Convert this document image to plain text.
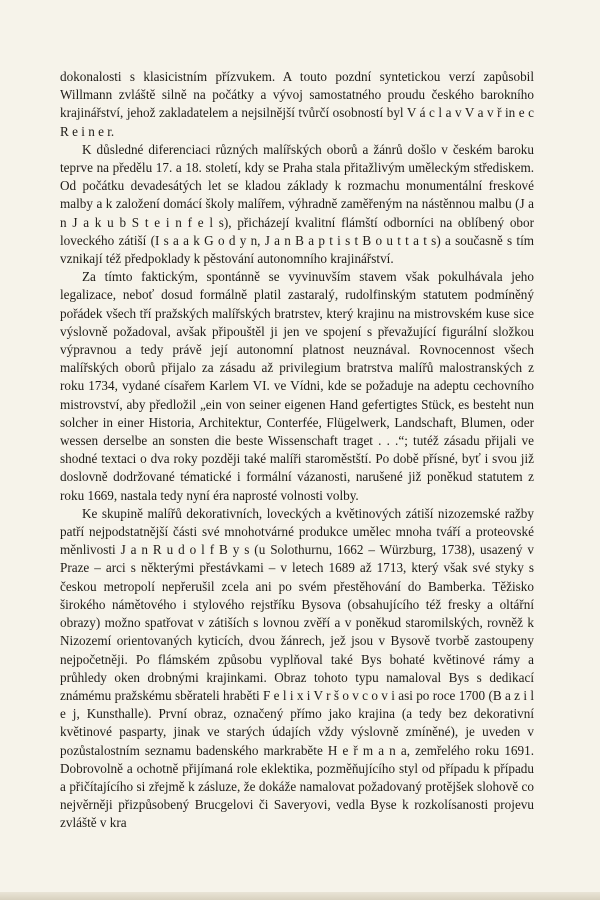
dokonalosti s klasicistním přízvukem. A touto pozdní syntetickou verzí zapůsobil Willmann zvláště silně na počátky a vývoj samostatného proudu českého barokního krajinářství, jehož zakladatelem a nejsilnější tvůrčí osobností byl V á c l a v V a v ř in e c R e i n e r.

K důsledné diferenciaci různých malířských oborů a žánrů došlo v českém baroku teprve na předělu 17. a 18. století, kdy se Praha stala přitažlivým uměleckým střediskem. Od počátku devadesátých let se kladou základy k rozmachu monumentální freskové malby a k založení domácí školy malířem, výhradně zaměřeným na nástěnnou malbu (J a n J a k u b S t e i n f e l s), přicházejí kvalitní flámští odborníci na oblíbený obor loveckého zátiší (I s a a k G o d y n, J a n B a p t i s t B o u t t a t s) a současně s tím vznikají též předpoklady k pěstování autonomního krajinářství.

Za tímto faktickým, spontánně se vyvinuvším stavem však pokulhávala jeho legalizace, neboť dosud formálně platil zastaralý, rudolfinským statutem podmíněný pořádek všech tří pražských malířských bratrstev, který krajinu na mistrovském kuse sice výslovně požadoval, avšak připouštěl ji jen ve spojení s převažující figurální složkou výpravnou a tedy právě její autonomní platnost neuznával. Rovnocennost všech malířských oborů přijalo za zásadu až privilegium bratrstva malířů malostranských z roku 1734, vydané císařem Karlem VI. ve Vídni, kde se požaduje na adeptu cechovního mistrovství, aby předložil „ein von seiner eigenen Hand gefertigtes Stück, es besteht nun solcher in einer Historia, Architektur, Conterfée, Flügelwerk, Landschaft, Blumen, oder wessen derselbe an sonsten die beste Wissenschaft traget . . .“; tutéž zásadu přijali ve shodné textaci o dva roky později také malíři staroměstští. Po době přísné, byť i svou již doslovně dodržované tématické i formální vázanosti, narušené již poněkud statutem z roku 1669, nastala tedy nyní éra naprosté volnosti volby.

Ke skupině malířů dekorativních, loveckých a květinových zátiší nizozemské ražby patří nejpodstatnější části své mnohotvárné produkce umělec mnoha tváří a proteovské měnlivosti J a n R u d o l f B y s (u Solothurnu, 1662 – Würzburg, 1738), usazený v Praze – arci s některými přestávkami – v letech 1689 až 1713, který však své styky s českou metropolí nepřerušil zcela ani po svém přestěhování do Bamberka. Těžisko širokého námětového i stylového rejstříku Bysova (obsahujícího též fresky a oltářní obrazy) možno spatřovat v zátiších s lovnou zvěří a v poněkud staromilských, rovněž k Nizozemí orientovaných kyticích, dvou žánrech, jež jsou v Bysově tvorbě zastoupeny nejpočetněji. Po flámském způsobu vyplňoval také Bys bohaté květinové rámy a průhledy oken drobnými krajinkami. Obraz tohoto typu namaloval Bys s dedikací známému pražskému sběrateli hraběti F e l i x i V r š o v c o v i asi po roce 1700 (B a z i l e j, Kunsthalle). První obraz, označený přímo jako krajina (a tedy bez dekorativní květinové pasparty, jinak ve starých údajích vždy výslovně zmíněné), je uveden v pozůstalostním seznamu badenského markraběte H e ř m a n a, zemřelého roku 1691. Dobrovolně a ochotně přijímaná role eklektika, pozměňujícího styl od případu k případu a přičítajícího si zřejmě k zásluze, že dokáže namalovat požadovaný protějšek slohově co nejvěrněji přizpůsobený Brucgelovi či Saveryovi, vedla Byse k rozkolísanosti projevu zvláště v kra
